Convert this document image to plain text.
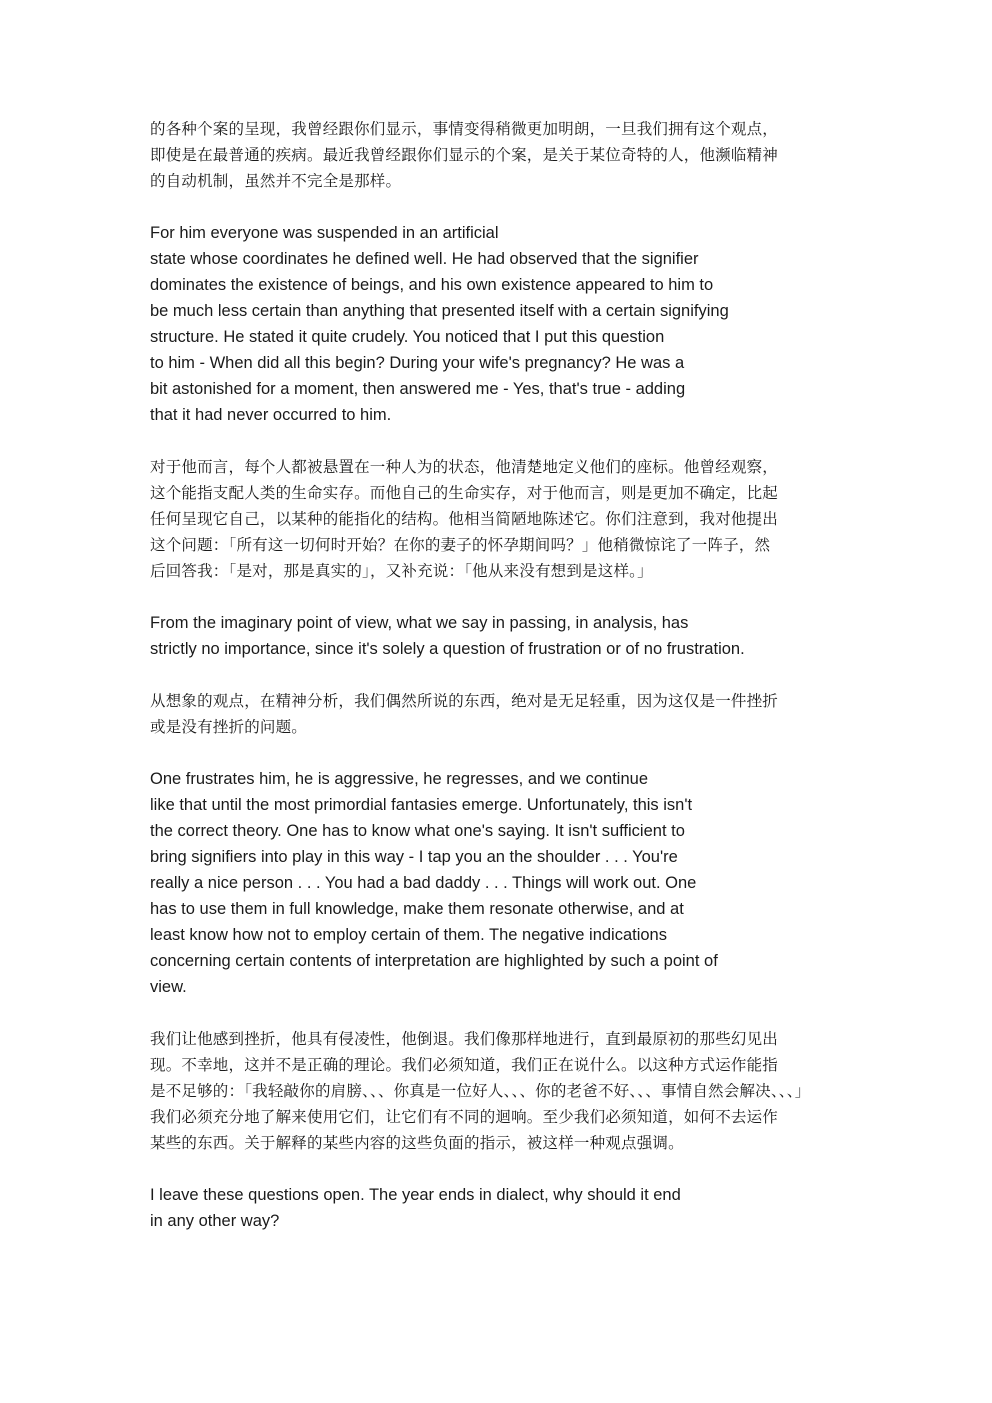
的各种个案的呈现，我曾经跟你们显示，事情变得稍微更加明朗，一旦我们拥有这个观点，
即使是在最普通的疾病。最近我曾经跟你们显示的个案，是关于某位奇特的人，他濒临精神
的自动机制，虽然并不完全是那样。

For him everyone was suspended in an artificial
state whose coordinates he defined well. He had observed that the signifier
dominates the existence of beings, and his own existence appeared to him to
be much less certain than anything that presented itself with a certain signifying
structure. He stated it quite crudely. You noticed that I put this question
to him - When did all this begin? During your wife's pregnancy? He was a
bit astonished for a moment, then answered me - Yes, that's true - adding
that it had never occurred to him.

对于他而言，每个人都被悬置在一种人为的状态，他清楚地定义他们的座标。他曾经观察，
这个能指支配人类的生命实存。而他自己的生命实存，对于他而言，则是更加不确定，比起
任何呈现它自己，以某种的能指化的结构。他相当简陋地陈述它。你们注意到，我对他提出
这个问题：「所有这一切何时开始？在你的妻子的怀孕期间吗？」他稍微惊诧了一阵子，然
后回答我：「是对，那是真实的」，又补充说：「他从来没有想到是这样。」

From the imaginary point of view, what we say in passing, in analysis, has
strictly no importance, since it's solely a question of frustration or of no frustration.

从想象的观点，在精神分析，我们偶然所说的东西，绝对是无足轻重，因为这仅是一件挫折
或是没有挫折的问题。

One frustrates him, he is aggressive, he regresses, and we continue
like that until the most primordial fantasies emerge. Unfortunately, this isn't
the correct theory. One has to know what one's saying. It isn't sufficient to
bring signifiers into play in this way - I tap you an the shoulder . . . You're
really a nice person . . . You had a bad daddy . . . Things will work out. One
has to use them in full knowledge, make them resonate otherwise, and at
least know how not to employ certain of them. The negative indications
concerning certain contents of interpretation are highlighted by such a point of
view.

我们让他感到挫折，他具有侵凌性，他倒退。我们像那样地进行，直到最原初的那些幻见出
现。不幸地，这并不是正确的理论。我们必须知道，我们正在说什么。以这种方式运作能指
是不足够的：「我轻敲你的肩膀、、、你真是一位好人、、、你的老爸不好、、、事情自然会解决、、、」
我们必须充分地了解来使用它们，让它们有不同的迴响。至少我们必须知道，如何不去运作
某些的东西。关于解释的某些内容的这些负面的指示，被这样一种观点强调。

I leave these questions open. The year ends in dialect, why should it end
in any other way?
